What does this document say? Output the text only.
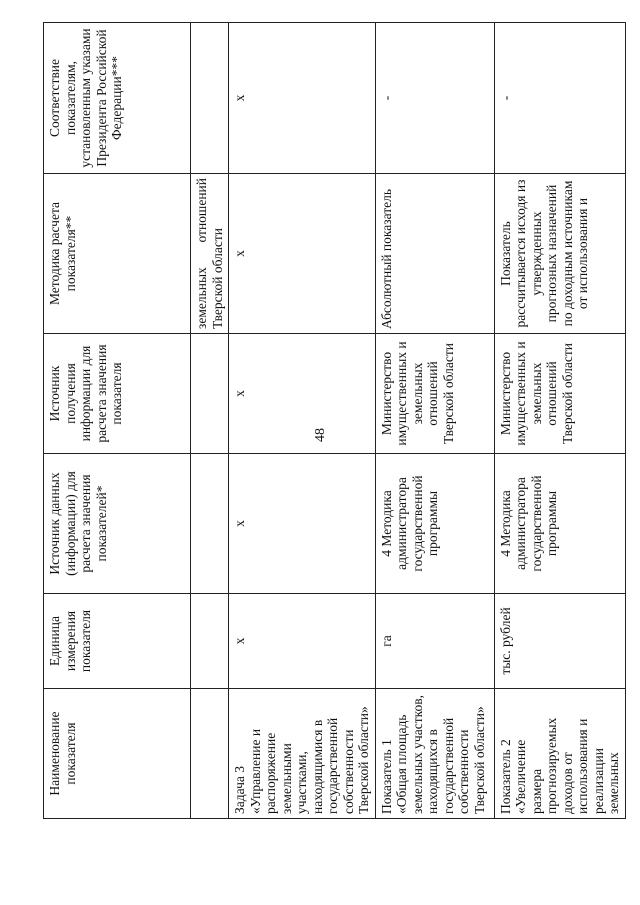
48
Наименование показателя	Единица измерения показателя	Источник данных (информации) для расчета значения показателей*	Источник получения информации для расчета значения показателя	Методика расчета показателя**	Соответствие показателям, установленным указами Президента Российской Федерации***
				земельных отношений Тверской области	
Задача 3 «Управление и распоряжение земельными участками, находящимися в государственной собственности Тверской области»	х	х	х	х	х
Показатель 1 «Общая площадь земельных участков, находящихся в государственной собственности Тверской области»	га	4 Методика администратора государственной программы	Министерство имущественных и земельных отношений Тверской области	Абсолютный показатель	-
Показатель 2 «Увеличение размера прогнозируемых доходов от использования и реализации земельных	тыс. рублей	4 Методика администратора государственной программы	Министерство имущественных и земельных отношений Тверской области	Показатель рассчитывается исходя из утвержденных прогнозных назначений по доходным источникам от использования и	-
